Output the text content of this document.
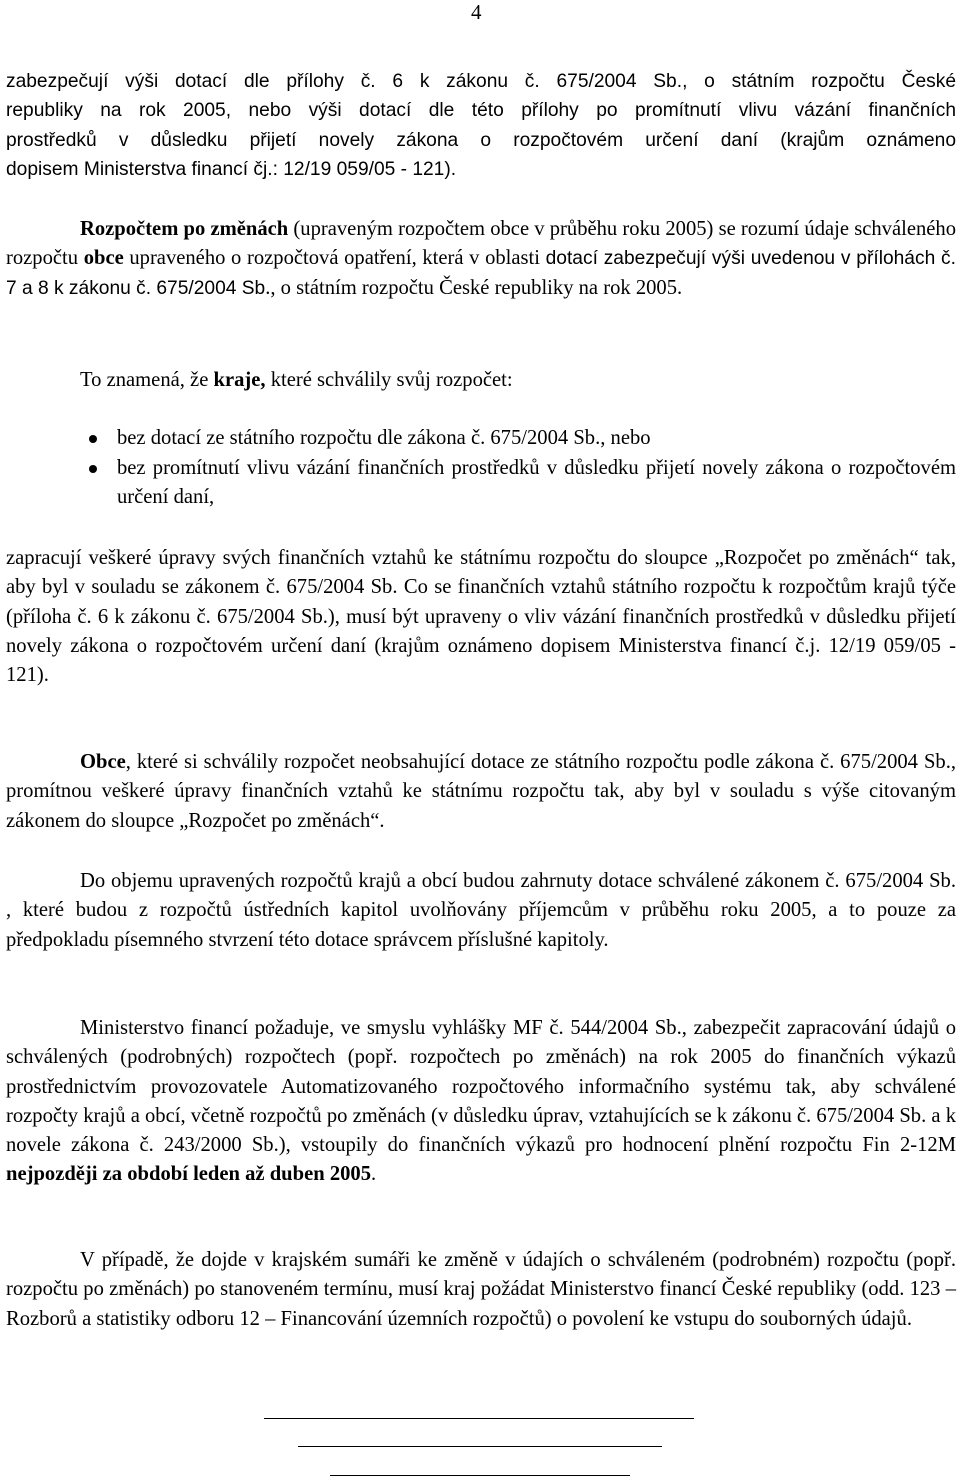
4
zabezpečují výši dotací dle přílohy č. 6 k zákonu č. 675/2004 Sb., o státním rozpočtu České
republiky na rok 2005, nebo výši dotací dle této přílohy po promítnutí vlivu vázání finančních
prostředků v důsledku přijetí novely zákona o rozpočtovém určení daní (krajům oznámeno
dopisem Ministerstva financí čj.: 12/19 059/05 - 121).

Rozpočtem po změnách (upraveným rozpočtem obce v průběhu roku 2005) se rozumí údaje schváleného rozpočtu obce upraveného o rozpočtová opatření, která v oblasti dotací zabezpečují výši uvedenou v přílohách č. 7 a 8 k zákonu č. 675/2004 Sb., o státním rozpočtu České republiky na rok 2005.

To znamená, že kraje, které schválily svůj rozpočet:

bez dotací ze státního rozpočtu dle zákona č. 675/2004 Sb., nebo
bez promítnutí vlivu vázání finančních prostředků v důsledku přijetí novely zákona o rozpočtovém určení daní,

zapracují veškeré úpravy svých finančních vztahů ke státnímu rozpočtu do sloupce „Rozpočet po změnách“ tak, aby byl v souladu se zákonem č. 675/2004 Sb. Co se finančních vztahů státního rozpočtu k rozpočtům krajů týče (příloha č. 6 k zákonu č. 675/2004 Sb.), musí být upraveny o vliv vázání finančních prostředků v důsledku přijetí novely zákona o rozpočtovém určení daní (krajům oznámeno dopisem Ministerstva financí č.j. 12/19 059/05 - 121).

Obce, které si schválily rozpočet neobsahující dotace ze státního rozpočtu podle zákona č. 675/2004 Sb., promítnou veškeré úpravy finančních vztahů ke státnímu rozpočtu tak, aby byl v souladu s výše citovaným zákonem do sloupce „Rozpočet po změnách“.

Do objemu upravených rozpočtů krajů a obcí budou zahrnuty dotace schválené zákonem č. 675/2004 Sb. , které budou z rozpočtů ústředních kapitol uvolňovány příjemcům v průběhu roku 2005, a to pouze za předpokladu písemného stvrzení této dotace správcem příslušné kapitoly.

Ministerstvo financí požaduje, ve smyslu vyhlášky MF č. 544/2004 Sb., zabezpečit zapracování údajů o schválených (podrobných) rozpočtech (popř. rozpočtech po změnách) na rok 2005 do finančních výkazů prostřednictvím provozovatele Automatizovaného rozpočtového informačního systému tak, aby schválené rozpočty krajů a obcí, včetně rozpočtů po změnách (v důsledku úprav, vztahujících se k zákonu č. 675/2004 Sb. a k novele zákona č. 243/2000 Sb.), vstoupily do finančních výkazů pro hodnocení plnění rozpočtu Fin 2-12M nejpozději za období leden až duben 2005.

V případě, že dojde v krajském sumáři ke změně v údajích o schváleném (podrobném) rozpočtu (popř. rozpočtu po změnách) po stanoveném termínu, musí kraj požádat Ministerstvo financí České republiky (odd. 123 – Rozborů a statistiky odboru 12 – Financování územních rozpočtů) o povolení ke vstupu do souborných údajů.
